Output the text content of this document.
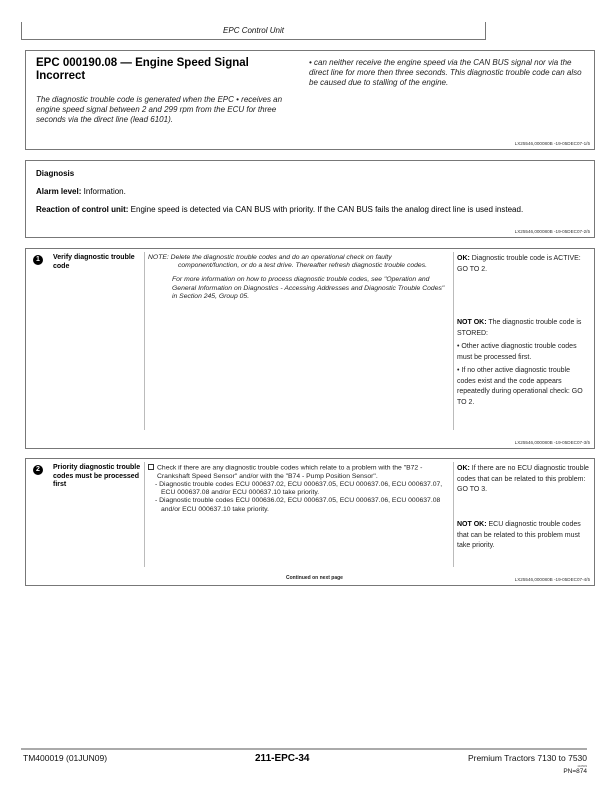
EPC Control Unit
EPC 000190.08 — Engine Speed Signal Incorrect
The diagnostic trouble code is generated when the EPC • receives an engine speed signal between 2 and 299 rpm from the ECU for three seconds via the direct line (lead 6101).
• can neither receive the engine speed via the CAN BUS signal nor via the direct line for more then three seconds. This diagnostic trouble code can also be caused due to stalling of the engine.
LX25546,000080B -19-05DEC07-1/5
Diagnosis
Alarm level: Information.
Reaction of control unit: Engine speed is detected via CAN BUS with priority. If the CAN BUS fails the analog direct line is used instead.
LX25546,000080B -19-05DEC07-2/5
1	Verify diagnostic trouble code
NOTE: Delete the diagnostic trouble codes and do an operational check on faulty component/function, or do a test drive. Thereafter refresh diagnostic trouble codes.
For more information on how to process diagnostic trouble codes, see "Operation and General Information on Diagnostics - Accessing Addresses and Diagnostic Trouble Codes" in Section 245, Group 05.
OK: Diagnostic trouble code is ACTIVE: GO TO 2.
NOT OK: The diagnostic trouble code is STORED:
• Other active diagnostic trouble codes must be processed first.
• If no other active diagnostic trouble codes exist and the code appears repeatedly during operational check: GO TO 2.
LX25546,000080B -19-05DEC07-3/5
2	Priority diagnostic trouble codes must be processed first
Check if there are any diagnostic trouble codes which relate to a problem with the "B72 - Crankshaft Speed Sensor" and/or with the "B74 - Pump Position Sensor".
- Diagnostic trouble codes ECU 000637.02, ECU 000637.05, ECU 000637.06, ECU 000637.07, ECU 000637.08 and/or ECU 000637.10 take priority.
- Diagnostic trouble codes ECU 000636.02, ECU 000637.05, ECU 000637.06, ECU 000637.08 and/or ECU 000637.10 take priority.
OK: If there are no ECU diagnostic trouble codes that can be related to this problem: GO TO 3.
NOT OK: ECU diagnostic trouble codes that can be related to this problem must take priority.
Continued on next page	LX25546,000080B -19-05DEC07-4/5
TM400019 (01JUN09)	211-EPC-34	Premium Tractors 7130 to 7530
110509
PN=874
